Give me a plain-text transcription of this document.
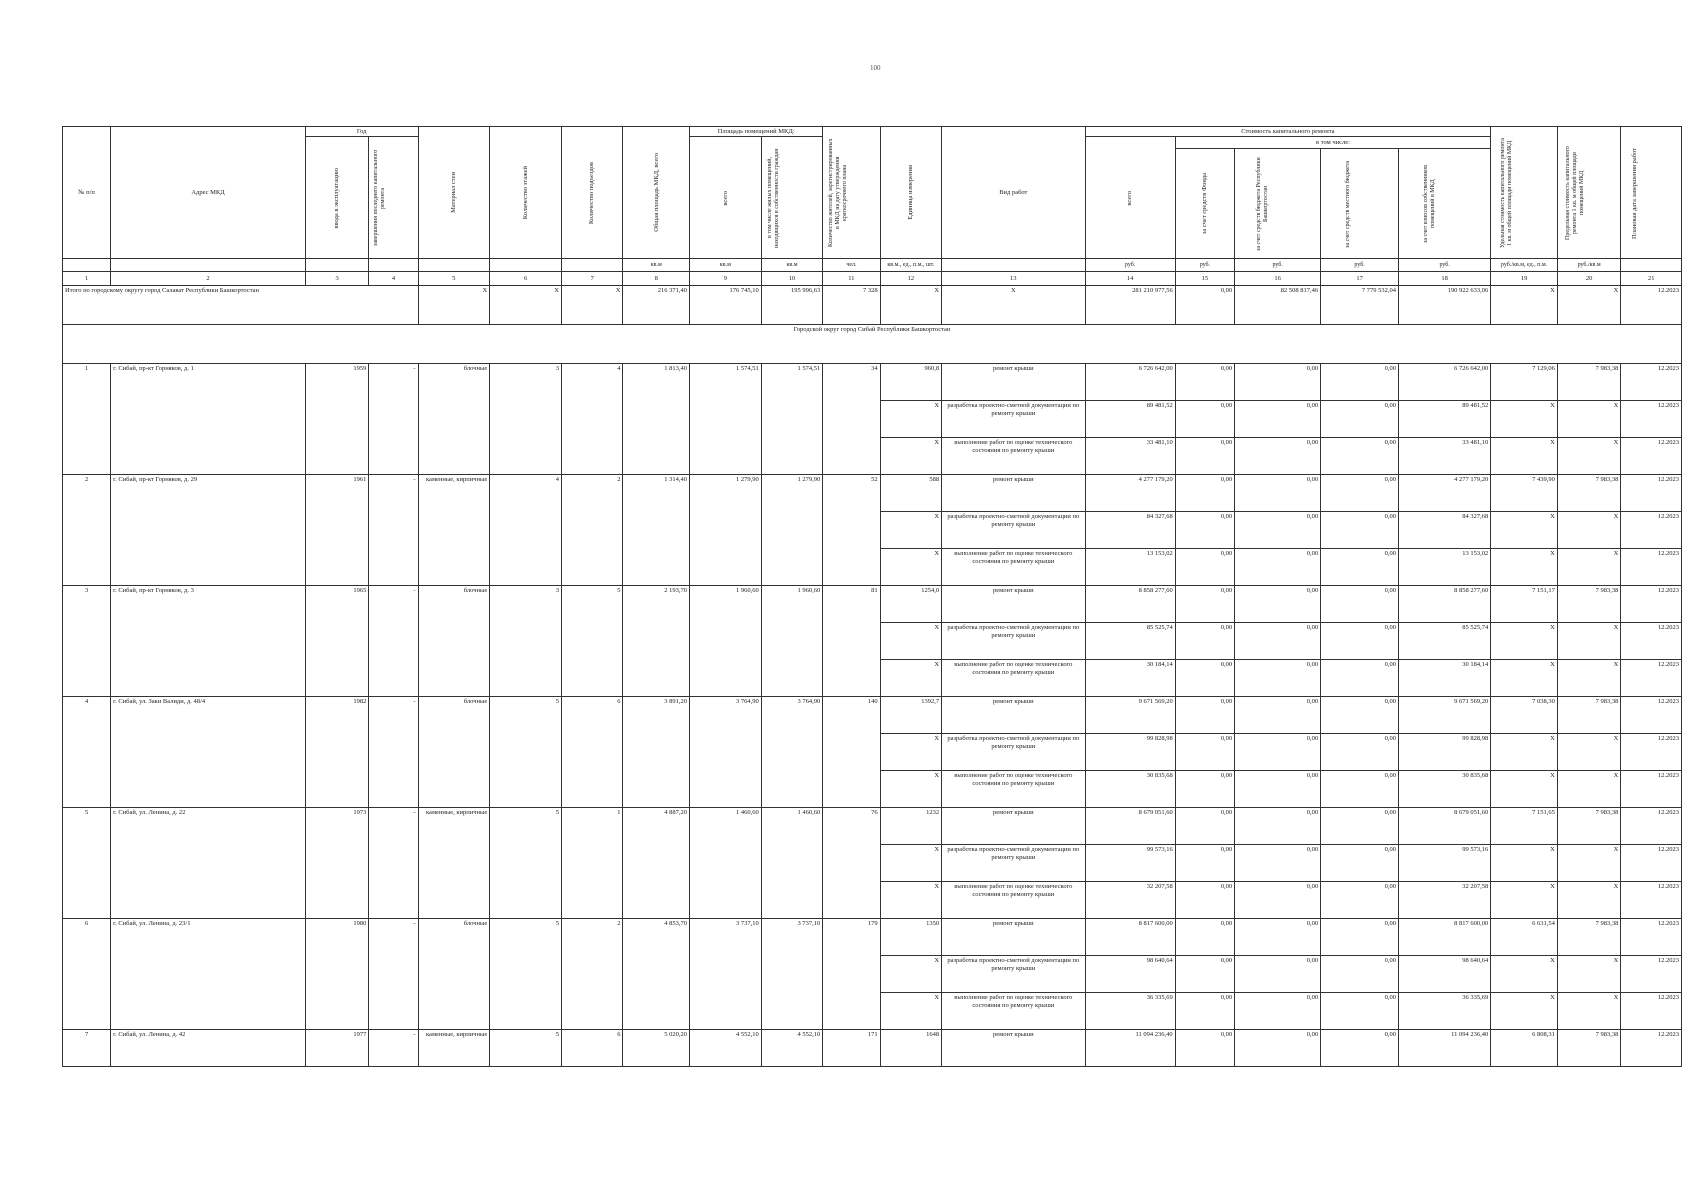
100
№ п/п	Адрес МКД	Год		Материал стен	Количество этажей	Количество подъездов	Общая площадь МКД, всего	Площадь помещений МКД:		Количество жителей, зарегистрированных в МКД на дату утверждения краткосрочного плана	Единица измерения	Вид работ	Стоимость капитального ремонта					Удельная стоимость капитального ремонта 1 кв. м общей площади помещений МКД	Предельная стоимость капитального ремонта 1 кв. м общей площади помещений МКД	Плановая дата завершения работ

		ввода в эксплуатацию	завершения последнего капитального ремонта					всего	в том числе жилых помещений, находящихся в собственности граждан				всего	в том числе:						

														за счет средств Фонда	за счет средств бюджета Республики Башкортостан	за счет средств местного бюджета	за счет взносов собственников помещений в МКД			

							кв.м	кв.м	кв.м	чел.	кв.м., ед., п.м., шт.		руб.	руб.	руб.	руб.	руб.	руб./кв.м, ед., п.м.	руб./кв.м	
1	2	3	4	5	6	7	8	9	10	11	12	13	14	15	16	17	18	19	20	21
Итого по городскому округу город Салават Республики Башкортостан				X	X	X	216 371,40	176 745,10	195 996,63	7 328	X	X	281 210 977,56	0,00	82 508 817,46	7 779 532,04	190 922 633,06	X	X	12.2023
Городской округ город Сибай Республики Башкортостан																				
1	г. Сибай, пр-кт Горняков, д. 1	1959	-	блочные	3	4	1 813,40	1 574,51	1 574,51	34	960,8	ремонт крыши	6 726 642,00	0,00	0,00	0,00	6 726 642,00	7 129,06	7 983,38	12.2023
											X	разработка проектно-сметной документации по ремонту крыши	89 481,52	0,00	0,00	0,00	89 481,52	X	X	12.2023
											X	выполнение работ по оценке технического состояния по ремонту крыши	33 481,10	0,00	0,00	0,00	33 481,10	X	X	12.2023
2	г. Сибай, пр-кт Горняков, д. 29	1961	-	каменные, кирпичные	4	2	1 314,40	1 279,90	1 279,90	52	588	ремонт крыши	4 277 179,20	0,00	0,00	0,00	4 277 179,20	7 439,90	7 983,38	12.2023
											X	разработка проектно-сметной документации по ремонту крыши	84 327,68	0,00	0,00	0,00	84 327,68	X	X	12.2023
											X	выполнение работ по оценке технического состояния по ремонту крыши	13 153,02	0,00	0,00	0,00	13 153,02	X	X	12.2023
3	г. Сибай, пр-кт Горняков, д. 3	1965	-	блочные	3	5	2 193,70	1 960,60	1 960,60	81	1254,0	ремонт крыши	8 858 277,60	0,00	0,00	0,00	8 858 277,60	7 151,17	7 983,38	12.2023
											X	разработка проектно-сметной документации по ремонту крыши	85 525,74	0,00	0,00	0,00	85 525,74	X	X	12.2023
											X	выполнение работ по оценке технического состояния по ремонту крыши	30 184,14	0,00	0,00	0,00	30 184,14	X	X	12.2023
4	г. Сибай, ул. Заки Валиди, д. 48/4	1982	-	блочные	5	6	3 891,20	3 764,90	3 764,90	140	1392,7	ремонт крыши	9 671 569,20	0,00	0,00	0,00	9 671 569,20	7 038,30	7 983,38	12.2023
											X	разработка проектно-сметной документации по ремонту крыши	99 828,98	0,00	0,00	0,00	99 828,98	X	X	12.2023
											X	выполнение работ по оценке технического состояния по ремонту крыши	30 835,68	0,00	0,00	0,00	30 835,68	X	X	12.2023
5	г. Сибай, ул. Ленина, д. 22	1973	-	каменные, кирпичные	5	1	4 887,20	1 460,60	1 460,60	76	1232	ремонт крыши	8 679 051,60	0,00	0,00	0,00	8 679 051,60	7 151,65	7 983,38	12.2023
											X	разработка проектно-сметной документации по ремонту крыши	99 573,16	0,00	0,00	0,00	99 573,16	X	X	12.2023
											X	выполнение работ по оценке технического состояния по ремонту крыши	32 207,58	0,00	0,00	0,00	32 207,58	X	X	12.2023
6	г. Сибай, ул. Ленина, д. 23/1	1980	-	блочные	5	2	4 853,70	3 737,10	3 737,10	179	1350	ремонт крыши	8 817 600,00	0,00	0,00	0,00	8 817 600,00	6 631,54	7 983,38	12.2023
											X	разработка проектно-сметной документации по ремонту крыши	98 640,64	0,00	0,00	0,00	98 640,64	X	X	12.2023
											X	выполнение работ по оценке технического состояния по ремонту крыши	36 335,69	0,00	0,00	0,00	36 335,69	X	X	12.2023
7	г. Сибай, ул. Ленина, д. 42	1977	-	каменные, кирпичные	5	6	5 020,20	4 552,10	4 552,10	171	1648	ремонт крыши	11 094 236,40	0,00	0,00	0,00	11 094 236,40	6 808,31	7 983,38	12.2023
